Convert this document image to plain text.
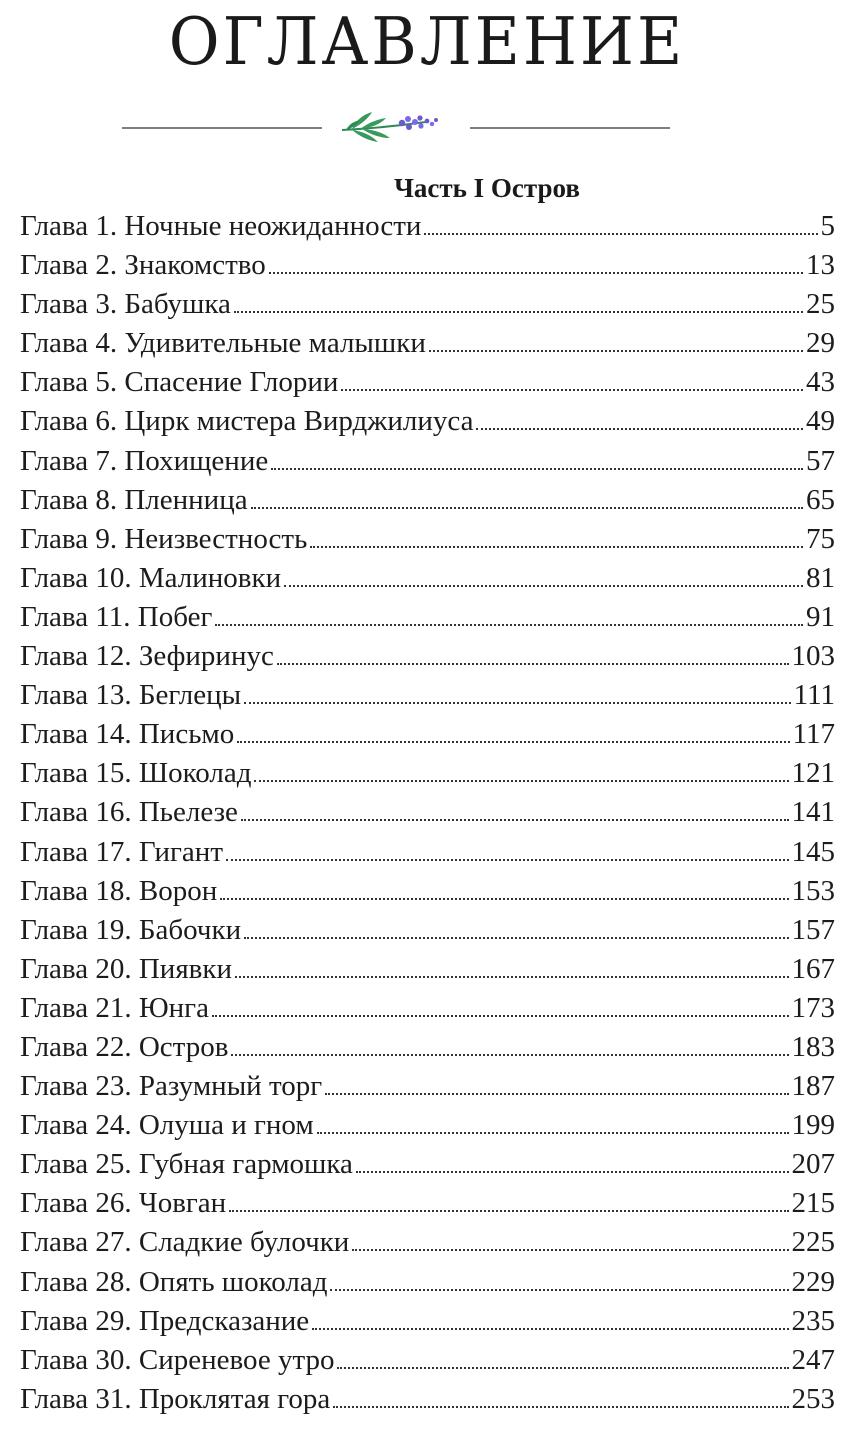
ОГЛАВЛЕНИЕ
Часть I Остров
Глава 1. Ночные неожиданности	5
Глава 2. Знакомство	13
Глава 3. Бабушка	25
Глава 4. Удивительные малышки	29
Глава 5. Спасение Глории	43
Глава 6. Цирк мистера Вирджилиуса	49
Глава 7. Похищение	57
Глава 8. Пленница	65
Глава 9. Неизвестность	75
Глава 10. Малиновки	81
Глава 11. Побег	91
Глава 12. Зефиринус	103
Глава 13. Беглецы	111
Глава 14. Письмо	117
Глава 15. Шоколад	121
Глава 16. Пьелезе	141
Глава 17. Гигант	145
Глава 18. Ворон	153
Глава 19. Бабочки	157
Глава 20. Пиявки	167
Глава 21. Юнга	173
Глава 22. Остров	183
Глава 23. Разумный торг	187
Глава 24. Олуша и гном	199
Глава 25. Губная гармошка	207
Глава 26. Човган	215
Глава 27. Сладкие булочки	225
Глава 28. Опять шоколад	229
Глава 29. Предсказание	235
Глава 30. Сиреневое утро	247
Глава 31. Проклятая гора	253
